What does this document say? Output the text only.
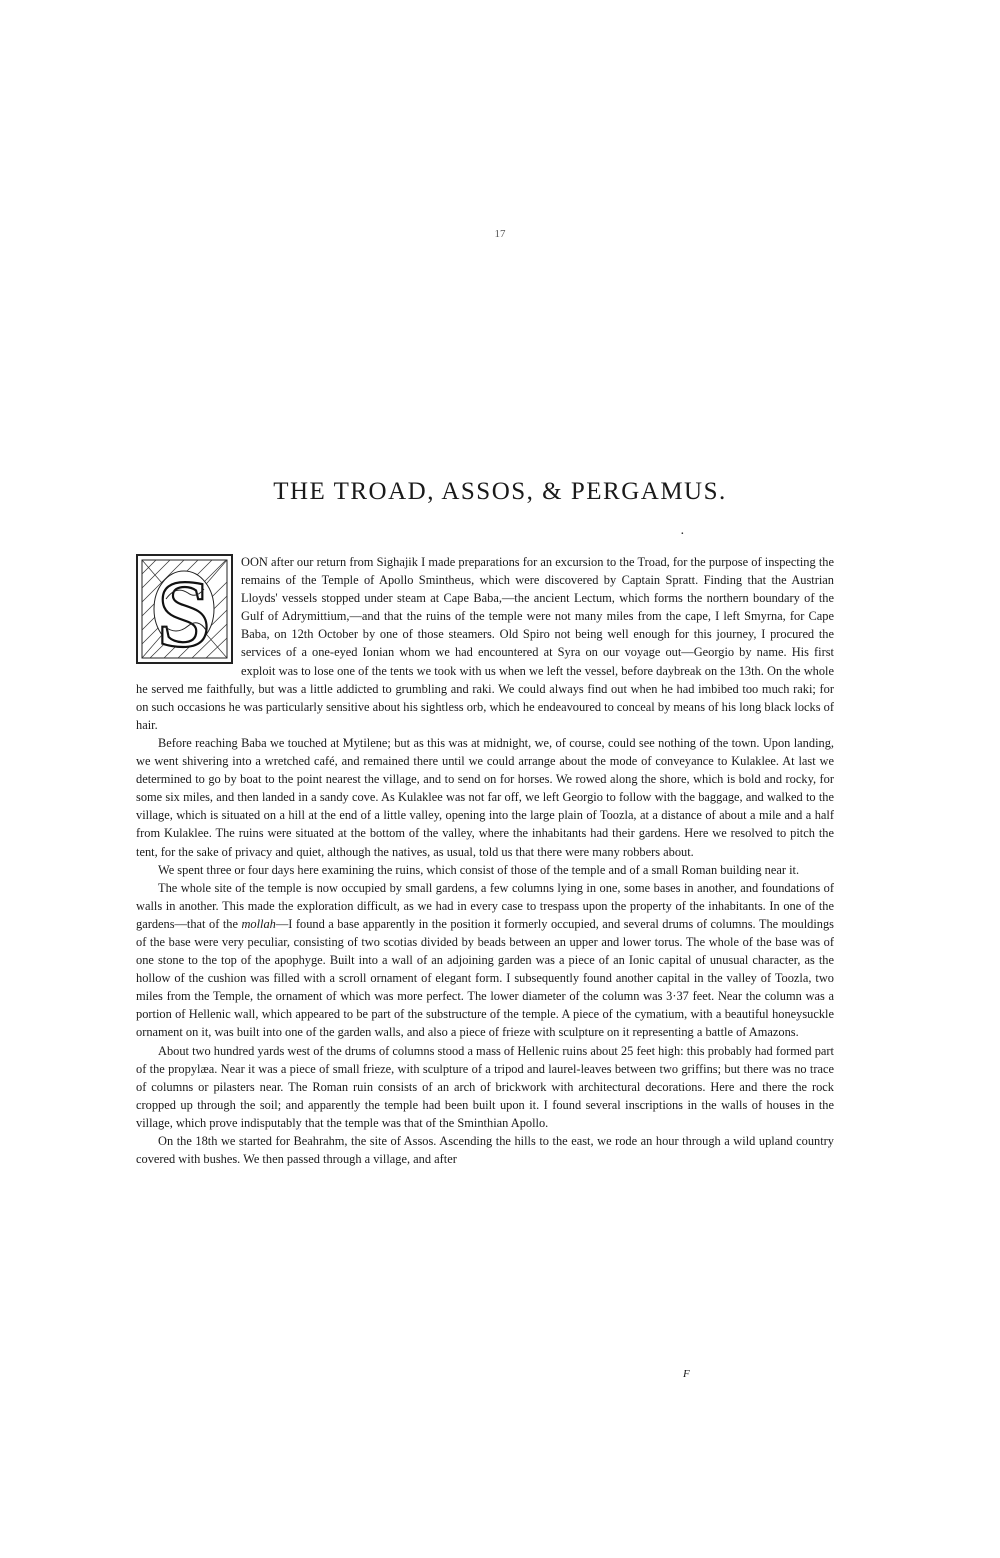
17
THE TROAD, ASSOS, & PERGAMUS.
·

S OON after our return from Sighajik I made preparations for an excursion to the Troad, for the purpose of inspecting the remains of the Temple of Apollo Smintheus, which were discovered by Captain Spratt. Finding that the Austrian Lloyds' vessels stopped under steam at Cape Baba,—the ancient Lectum, which forms the northern boundary of the Gulf of Adrymittium,—and that the ruins of the temple were not many miles from the cape, I left Smyrna, for Cape Baba, on 12th October by one of those steamers. Old Spiro not being well enough for this journey, I procured the services of a one-eyed Ionian whom we had encountered at Syra on our voyage out—Georgio by name. His first exploit was to lose one of the tents we took with us when we left the vessel, before daybreak on the 13th. On the whole he served me faithfully, but was a little addicted to grumbling and raki. We could always find out when he had imbibed too much raki; for on such occasions he was particularly sensitive about his sightless orb, which he endeavoured to conceal by means of his long black locks of hair.

Before reaching Baba we touched at Mytilene; but as this was at midnight, we, of course, could see nothing of the town. Upon landing, we went shivering into a wretched café, and remained there until we could arrange about the mode of conveyance to Kulaklee. At last we determined to go by boat to the point nearest the village, and to send on for horses. We rowed along the shore, which is bold and rocky, for some six miles, and then landed in a sandy cove. As Kulaklee was not far off, we left Georgio to follow with the baggage, and walked to the village, which is situated on a hill at the end of a little valley, opening into the large plain of Toozla, at a distance of about a mile and a half from Kulaklee. The ruins were situated at the bottom of the valley, where the inhabitants had their gardens. Here we resolved to pitch the tent, for the sake of privacy and quiet, although the natives, as usual, told us that there were many robbers about.

We spent three or four days here examining the ruins, which consist of those of the temple and of a small Roman building near it.

The whole site of the temple is now occupied by small gardens, a few columns lying in one, some bases in another, and foundations of walls in another. This made the exploration difficult, as we had in every case to trespass upon the property of the inhabitants. In one of the gardens—that of the mollah—I found a base apparently in the position it formerly occupied, and several drums of columns. The mouldings of the base were very peculiar, consisting of two scotias divided by beads between an upper and lower torus. The whole of the base was of one stone to the top of the apophyge. Built into a wall of an adjoining garden was a piece of an Ionic capital of unusual character, as the hollow of the cushion was filled with a scroll ornament of elegant form. I subsequently found another capital in the valley of Toozla, two miles from the Temple, the ornament of which was more perfect. The lower diameter of the column was 3·37 feet. Near the column was a portion of Hellenic wall, which appeared to be part of the substructure of the temple. A piece of the cymatium, with a beautiful honeysuckle ornament on it, was built into one of the garden walls, and also a piece of frieze with sculpture on it representing a battle of Amazons.

About two hundred yards west of the drums of columns stood a mass of Hellenic ruins about 25 feet high: this probably had formed part of the propylæa. Near it was a piece of small frieze, with sculpture of a tripod and laurel-leaves between two griffins; but there was no trace of columns or pilasters near. The Roman ruin consists of an arch of brickwork with architectural decorations. Here and there the rock cropped up through the soil; and apparently the temple had been built upon it. I found several inscriptions in the walls of houses in the village, which prove indisputably that the temple was that of the Sminthian Apollo.

On the 18th we started for Beahrahm, the site of Assos. Ascending the hills to the east, we rode an hour through a wild upland country covered with bushes. We then passed through a village, and after

F
